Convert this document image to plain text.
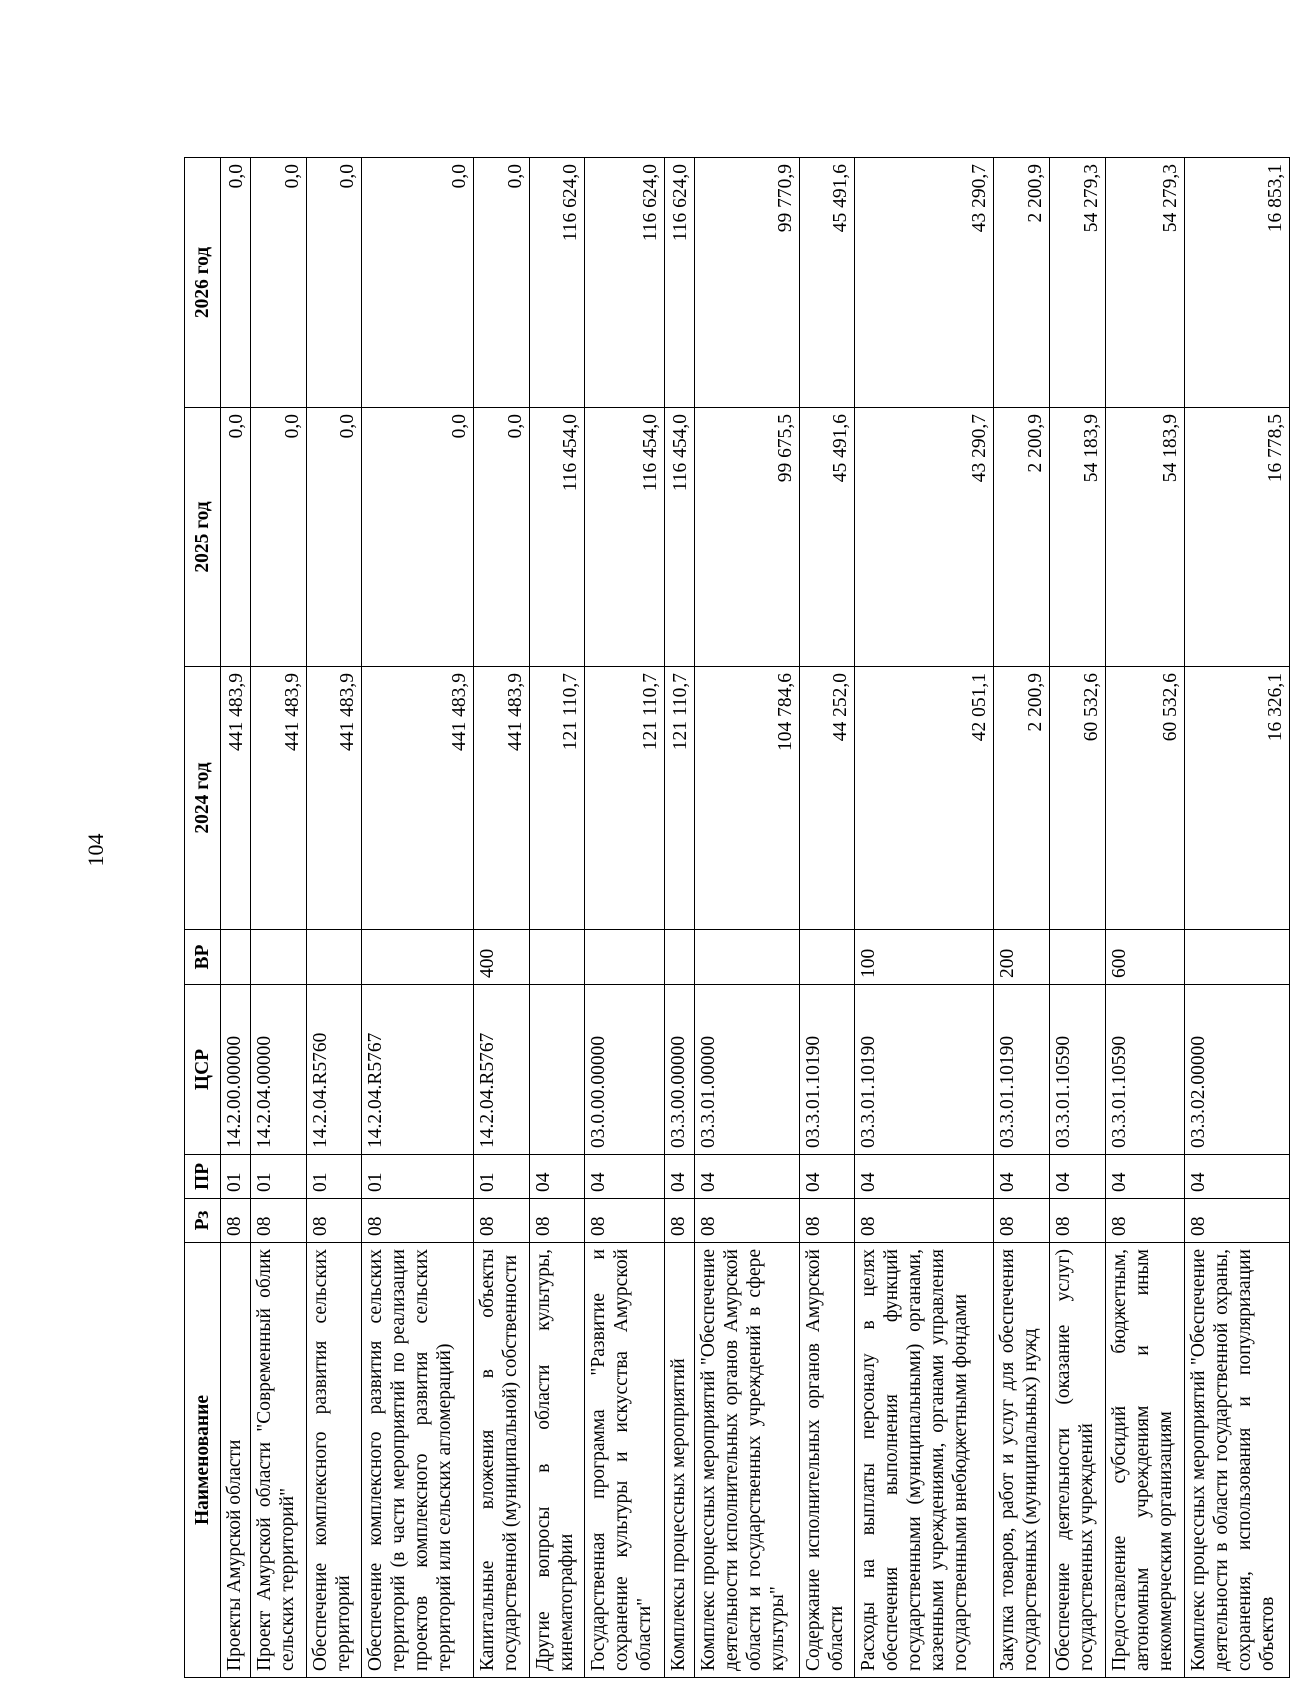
104
Наименование	Рз	ПР	ЦСР	ВР	2024 год	2025 год	2026 год
Проекты Амурской области	08	01	14.2.00.00000		441 483,9	0,0	0,0
Проект Амурской области "Современный облик сельских территорий"	08	01	14.2.04.00000		441 483,9	0,0	0,0
Обеспечение комплексного развития сельских территорий	08	01	14.2.04.R5760		441 483,9	0,0	0,0
Обеспечение комплексного развития сельских территорий (в части мероприятий по реализации проектов комплексного развития сельских территорий или сельских агломераций)	08	01	14.2.04.R5767		441 483,9	0,0	0,0
Капитальные вложения в объекты государственной (муниципальной) собственности	08	01	14.2.04.R5767	400	441 483,9	0,0	0,0
Другие вопросы в области культуры, кинематографии	08	04			121 110,7	116 454,0	116 624,0
Государственная программа "Развитие и сохранение культуры и искусства Амурской области"	08	04	03.0.00.00000		121 110,7	116 454,0	116 624,0
Комплексы процессных мероприятий	08	04	03.3.00.00000		121 110,7	116 454,0	116 624,0
Комплекс процессных мероприятий "Обеспечение деятельности исполнительных органов Амурской области и государственных учреждений в сфере культуры"	08	04	03.3.01.00000		104 784,6	99 675,5	99 770,9
Содержание исполнительных органов Амурской области	08	04	03.3.01.10190		44 252,0	45 491,6	45 491,6
Расходы на выплаты персоналу в целях обеспечения выполнения функций государственными (муниципальными) органами, казенными учреждениями, органами управления государственными внебюджетными фондами	08	04	03.3.01.10190	100	42 051,1	43 290,7	43 290,7
Закупка товаров, работ и услуг для обеспечения государственных (муниципальных) нужд	08	04	03.3.01.10190	200	2 200,9	2 200,9	2 200,9
Обеспечение деятельности (оказание услуг) государственных учреждений	08	04	03.3.01.10590		60 532,6	54 183,9	54 279,3
Предоставление субсидий бюджетным, автономным учреждениям и иным некоммерческим организациям	08	04	03.3.01.10590	600	60 532,6	54 183,9	54 279,3
Комплекс процессных мероприятий "Обеспечение деятельности в области государственной охраны, сохранения, использования и популяризации объектов	08	04	03.3.02.00000		16 326,1	16 778,5	16 853,1
